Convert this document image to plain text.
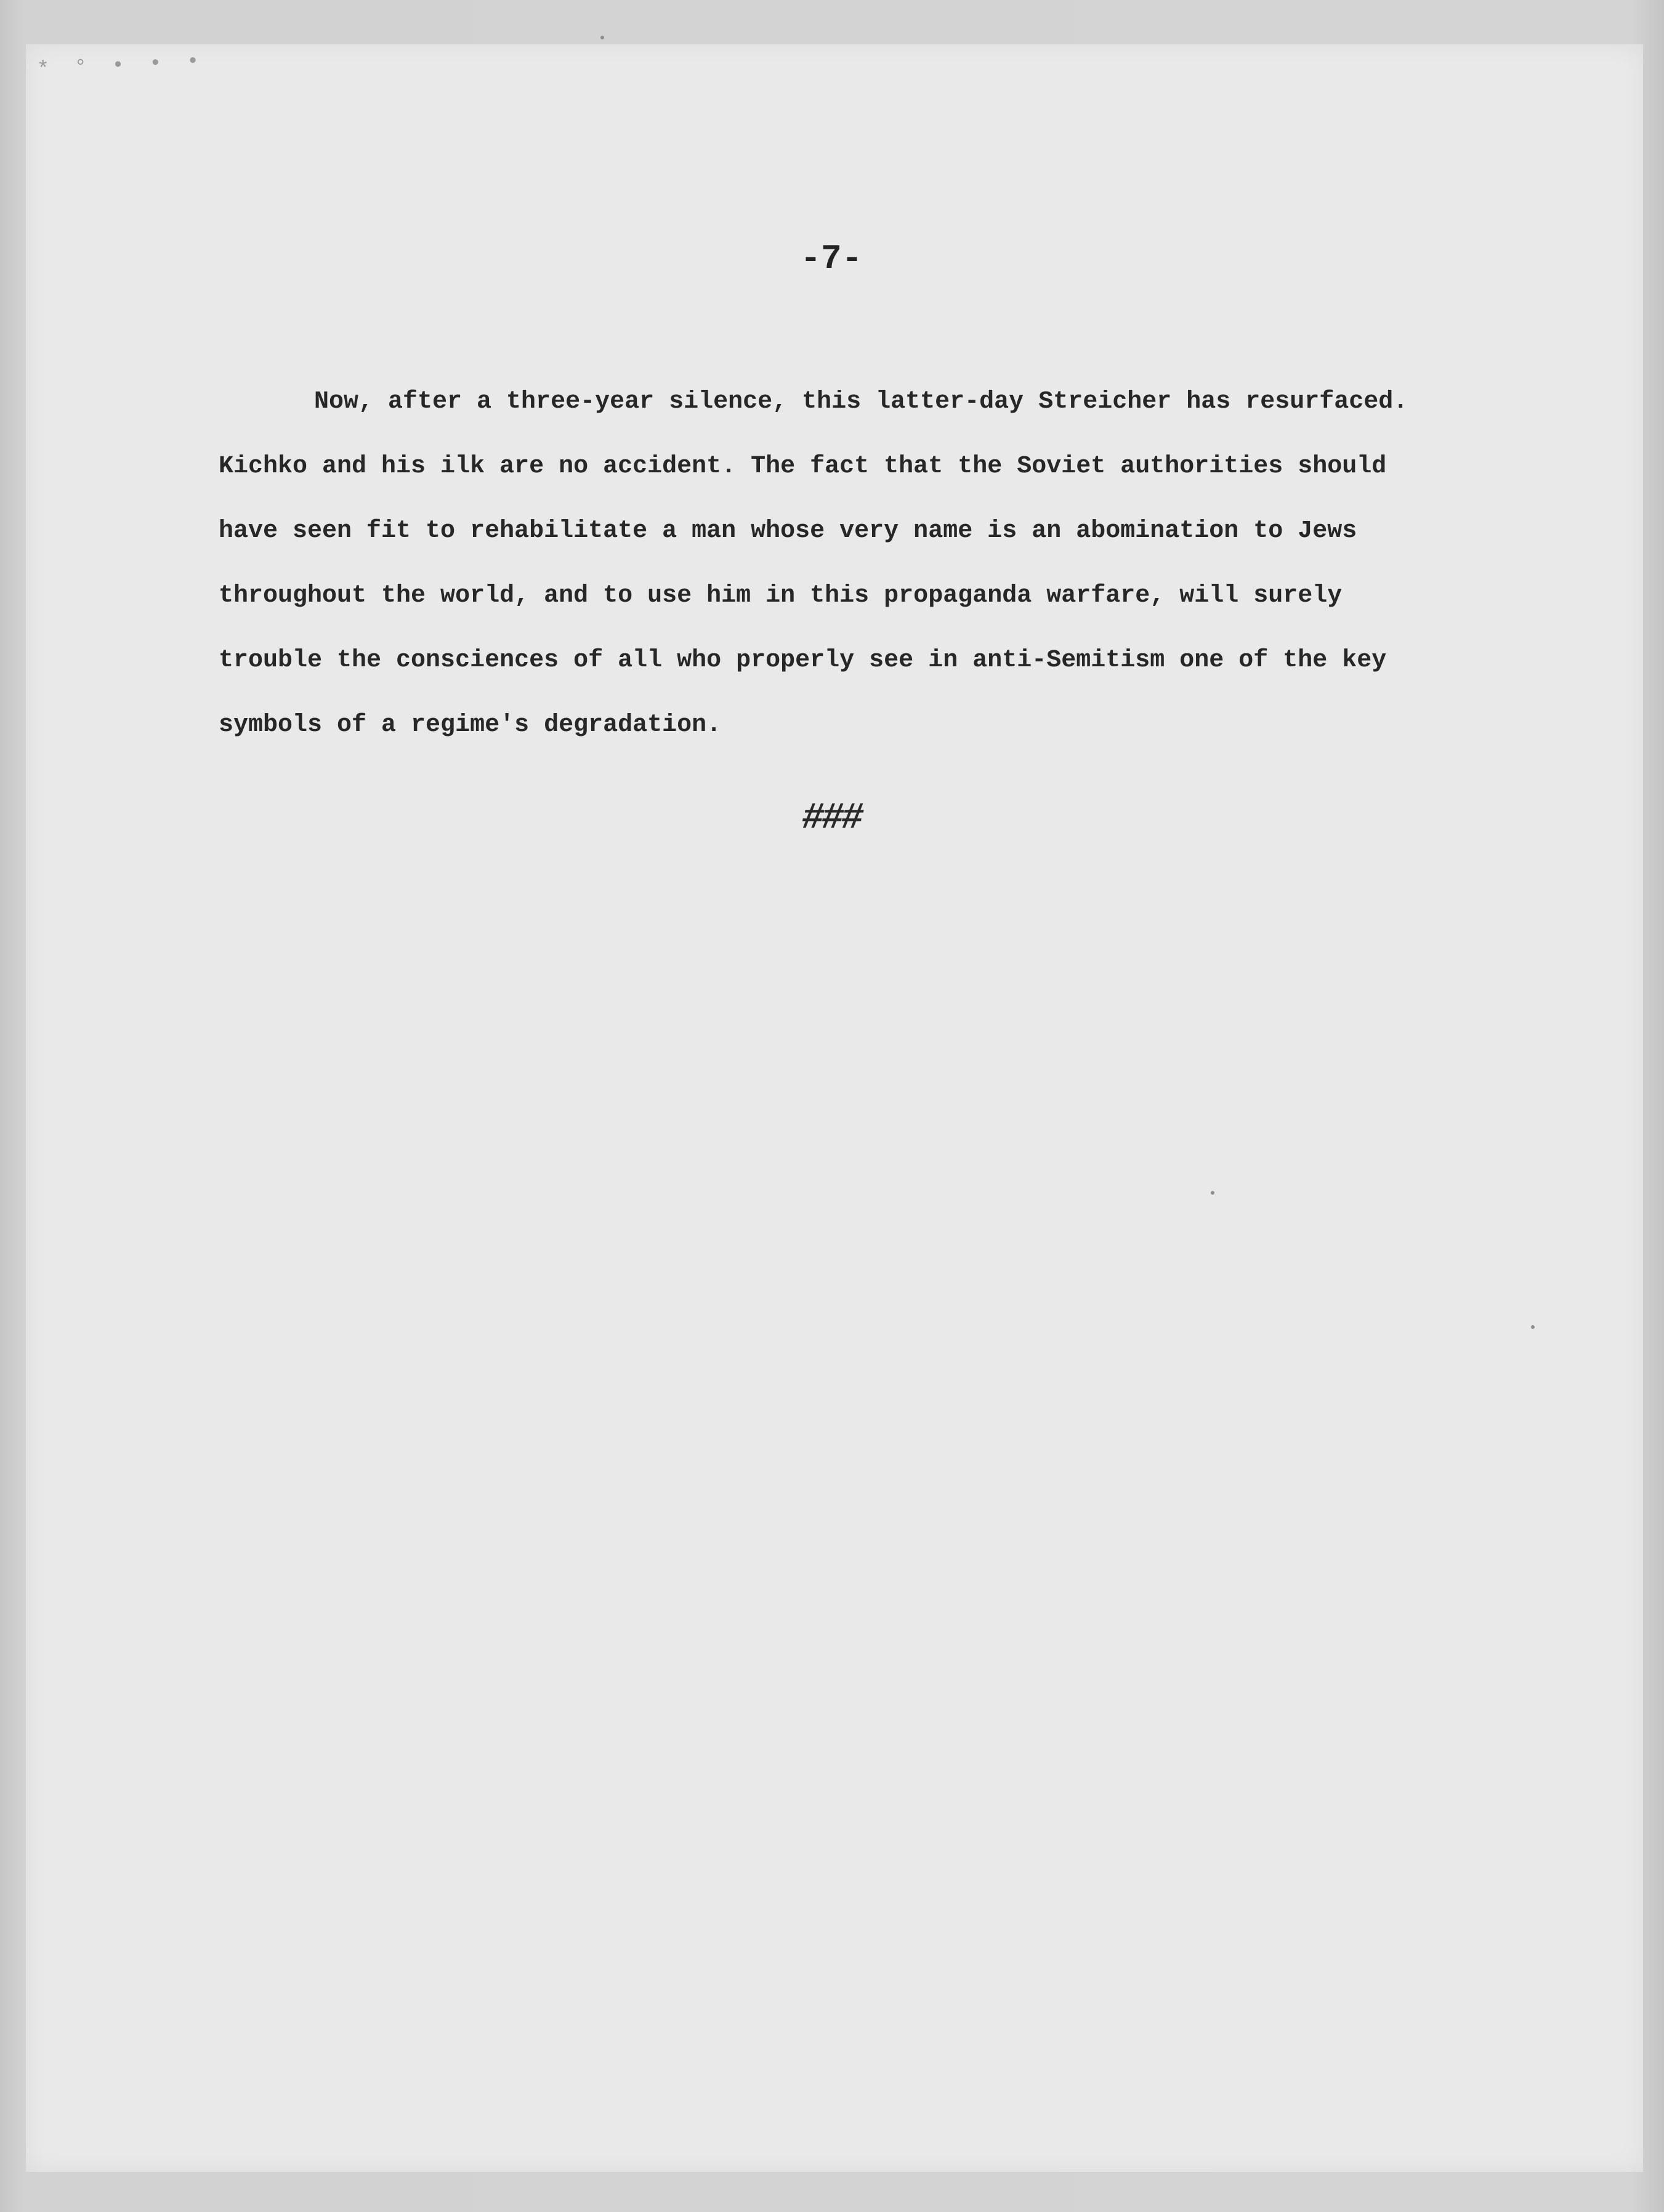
* ° • • •
-7-
Now, after a three-year silence, this latter-day Streicher has resurfaced.
Kichko and his ilk are no accident. The fact that the Soviet authorities should
have seen fit to rehabilitate a man whose very name is an abomination to Jews
throughout the world, and to use him in this propaganda warfare, will surely
trouble the consciences of all who properly see in anti-Semitism one of the key
symbols of a regime's degradation.
###
